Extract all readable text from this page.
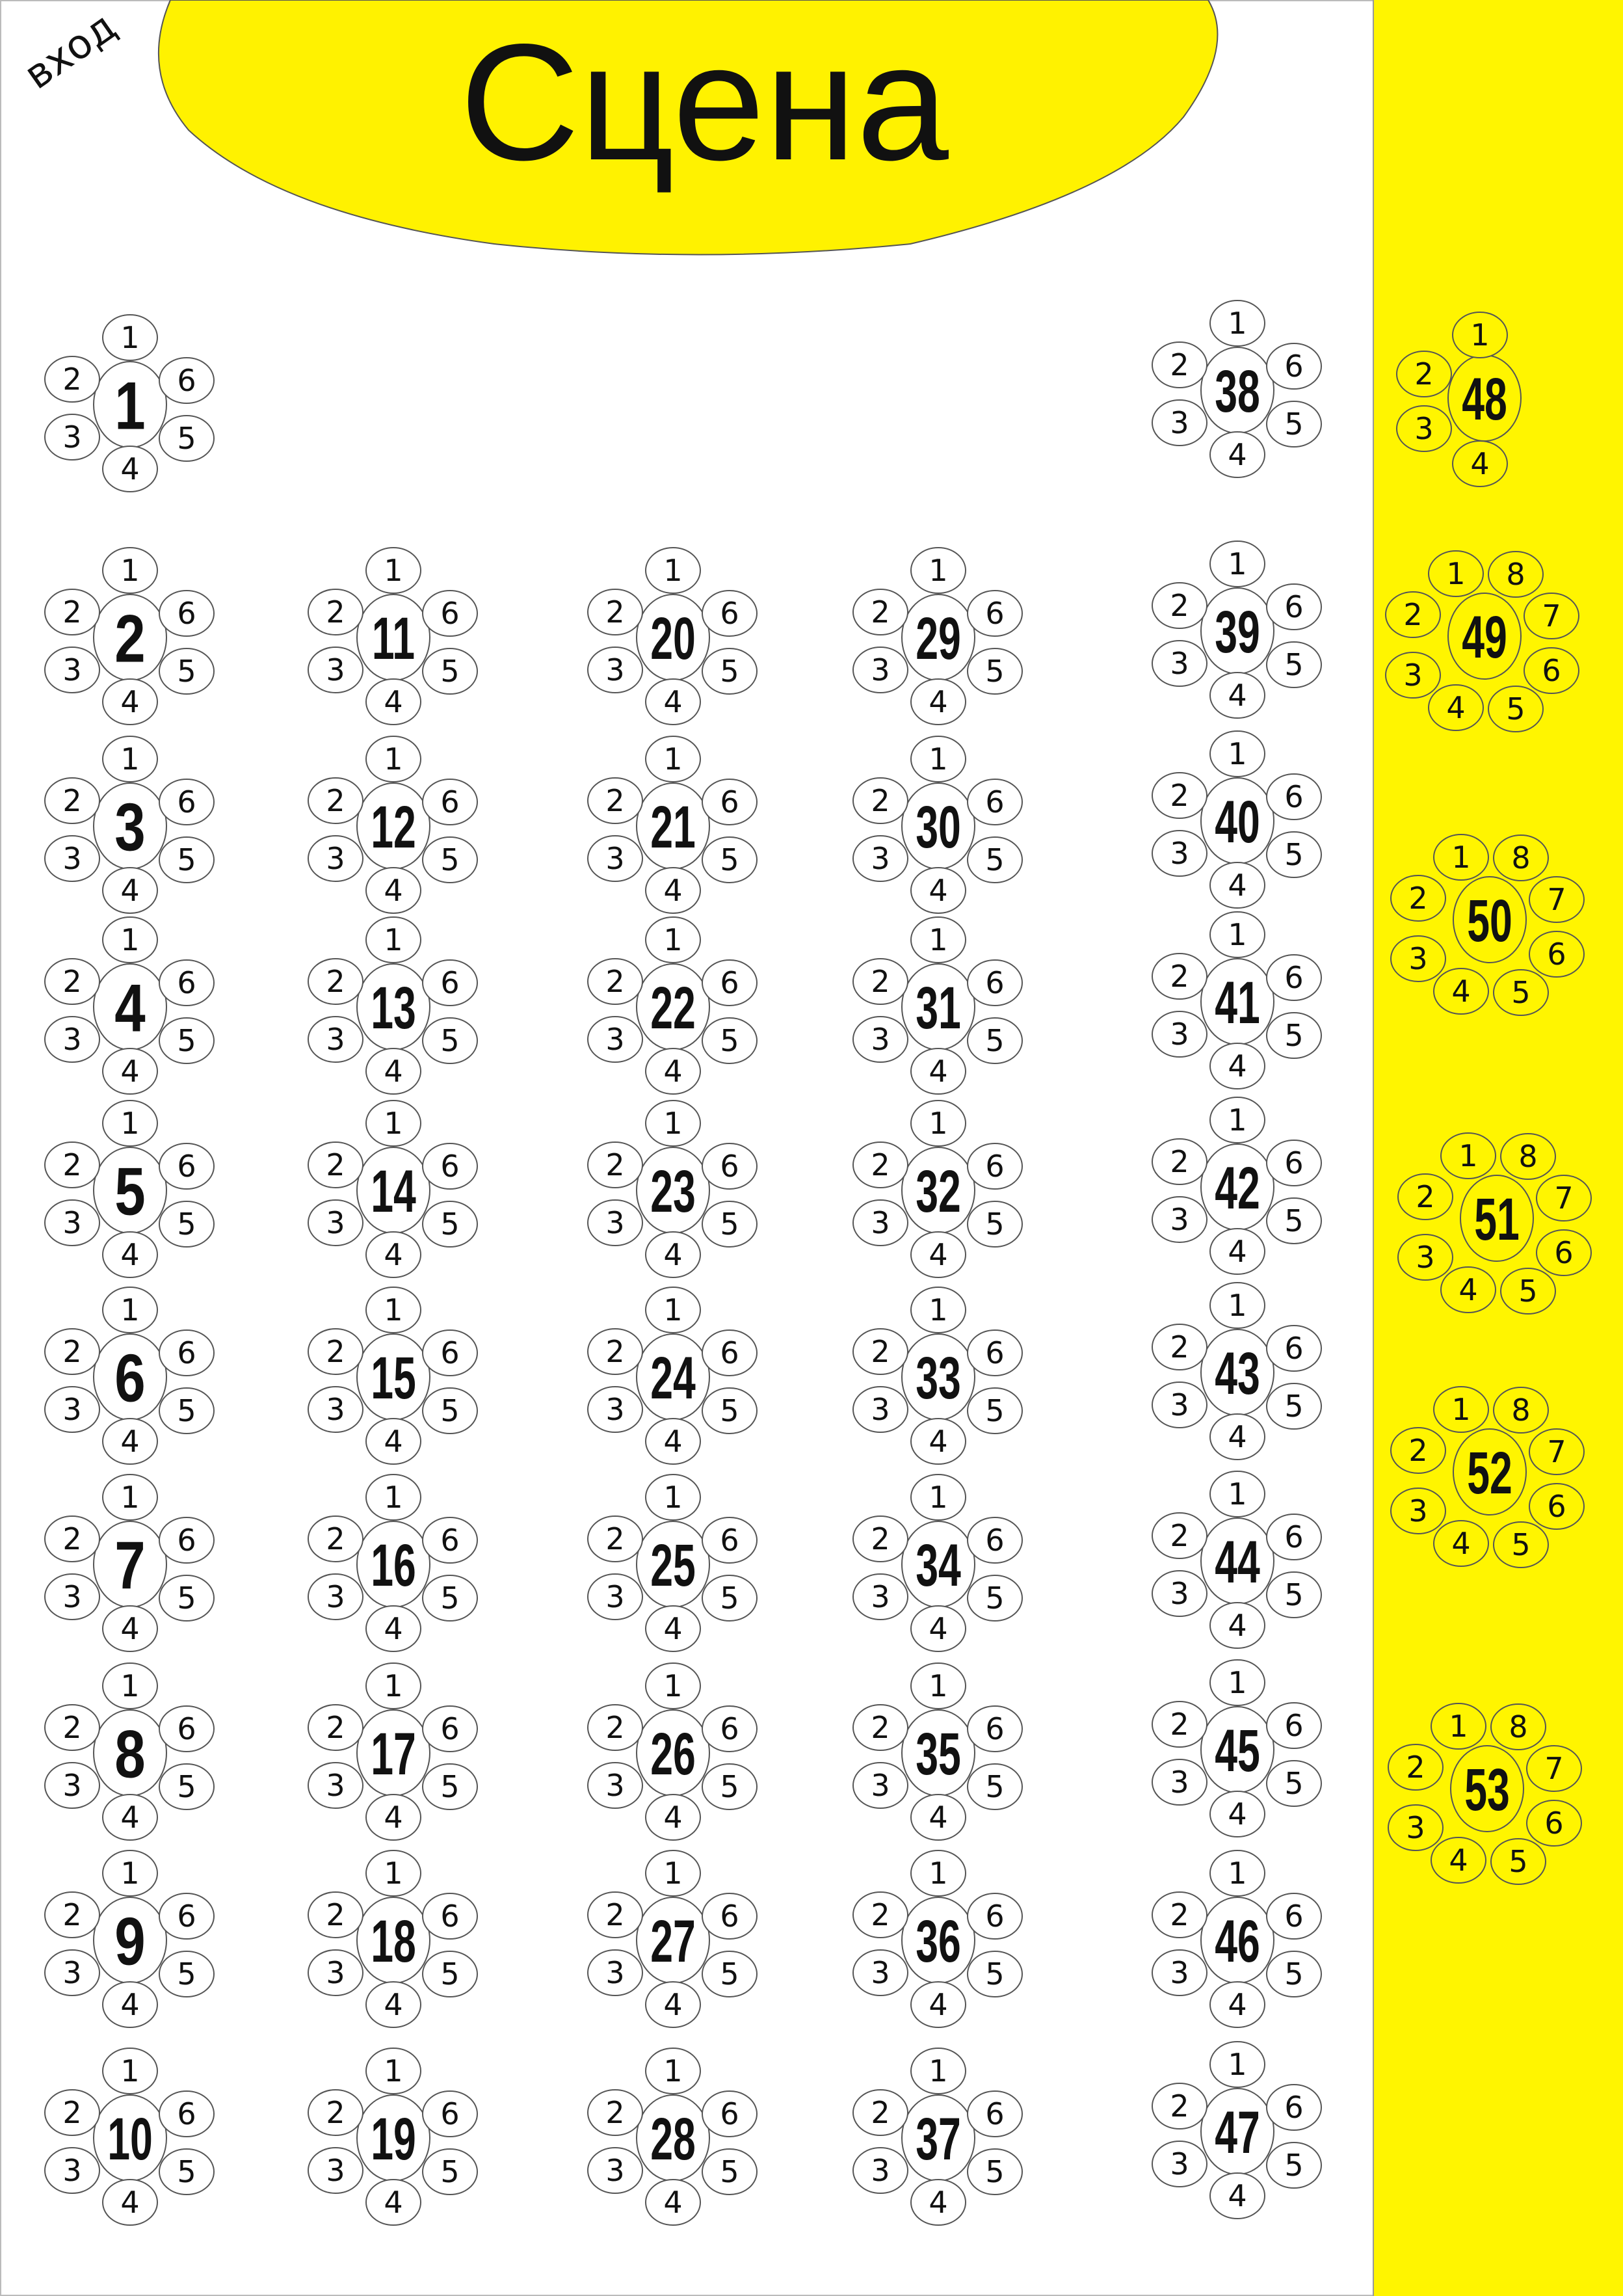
Сцена
вход
1
2
3
4
5
6
1
1
2
3
4
5
6
2
1
2
3
4
5
6
3
1
2
3
4
5
6
4
1
2
3
4
5
6
5
1
2
3
4
5
6
6
1
2
3
4
5
6
7
1
2
3
4
5
6
8
1
2
3
4
5
6
9
1
2
3
4
5
6
10
1
2
3
4
5
6
11
1
2
3
4
5
6
12
1
2
3
4
5
6
13
1
2
3
4
5
6
14
1
2
3
4
5
6
15
1
2
3
4
5
6
16
1
2
3
4
5
6
17
1
2
3
4
5
6
18
1
2
3
4
5
6
19
1
2
3
4
5
6
20
1
2
3
4
5
6
21
1
2
3
4
5
6
22
1
2
3
4
5
6
23
1
2
3
4
5
6
24
1
2
3
4
5
6
25
1
2
3
4
5
6
26
1
2
3
4
5
6
27
1
2
3
4
5
6
28
1
2
3
4
5
6
29
1
2
3
4
5
6
30
1
2
3
4
5
6
31
1
2
3
4
5
6
32
1
2
3
4
5
6
33
1
2
3
4
5
6
34
1
2
3
4
5
6
35
1
2
3
4
5
6
36
1
2
3
4
5
6
37
1
2
3
4
5
6
38
1
2
3
4
5
6
39
1
2
3
4
5
6
40
1
2
3
4
5
6
41
1
2
3
4
5
6
42
1
2
3
4
5
6
43
1
2
3
4
5
6
44
1
2
3
4
5
6
45
1
2
3
4
5
6
46
1
2
3
4
5
6
47
1
2
3
4
48
1
2
3
4 5
6
7
8
49
1
2
3
4 5
6
7
8
50
1
2
3
4 5
6
7
8
51
1
2
3
4 5
6
7
8
52
1
2
3
4 5
6
7
8
53
